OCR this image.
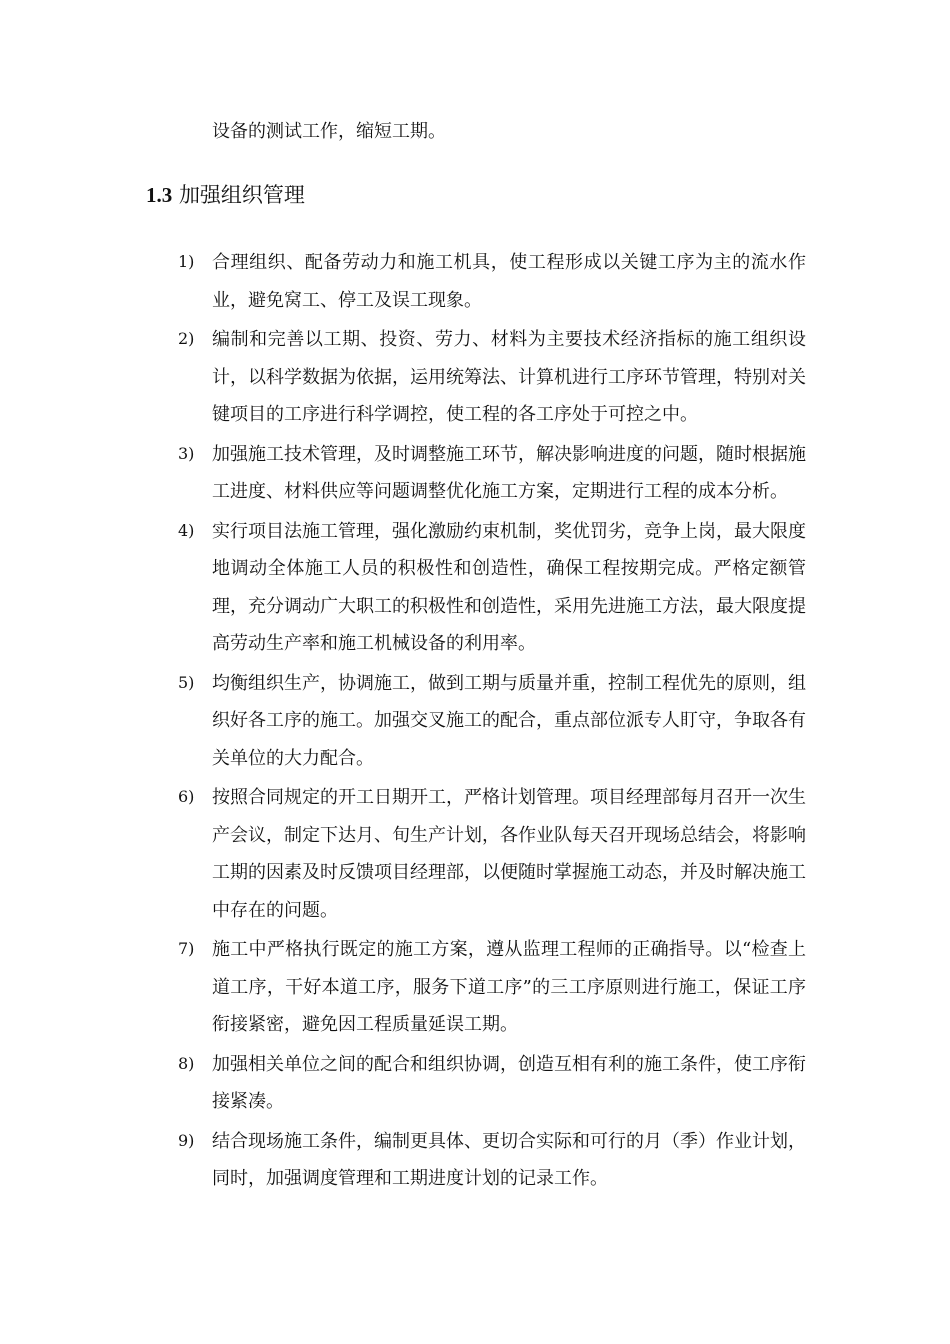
设备的测试工作，缩短工期。
1.3 加强组织管理
1) 合理组织、配备劳动力和施工机具，使工程形成以关键工序为主的流水作业，避免窝工、停工及误工现象。
2) 编制和完善以工期、投资、劳力、材料为主要技术经济指标的施工组织设计，以科学数据为依据，运用统筹法、计算机进行工序环节管理，特别对关键项目的工序进行科学调控，使工程的各工序处于可控之中。
3) 加强施工技术管理，及时调整施工环节，解决影响进度的问题，随时根据施工进度、材料供应等问题调整优化施工方案，定期进行工程的成本分析。
4) 实行项目法施工管理，强化激励约束机制，奖优罚劣，竞争上岗，最大限度地调动全体施工人员的积极性和创造性，确保工程按期完成。严格定额管理，充分调动广大职工的积极性和创造性，采用先进施工方法，最大限度提高劳动生产率和施工机械设备的利用率。
5) 均衡组织生产，协调施工，做到工期与质量并重，控制工程优先的原则，组织好各工序的施工。加强交叉施工的配合，重点部位派专人盯守，争取各有关单位的大力配合。
6) 按照合同规定的开工日期开工，严格计划管理。项目经理部每月召开一次生产会议，制定下达月、旬生产计划，各作业队每天召开现场总结会，将影响工期的因素及时反馈项目经理部，以便随时掌握施工动态，并及时解决施工中存在的问题。
7) 施工中严格执行既定的施工方案，遵从监理工程师的正确指导。以“检查上道工序，干好本道工序，服务下道工序”的三工序原则进行施工，保证工序衔接紧密，避免因工程质量延误工期。
8) 加强相关单位之间的配合和组织协调，创造互相有利的施工条件，使工序衔接紧凑。
9) 结合现场施工条件，编制更具体、更切合实际和可行的月（季）作业计划，同时，加强调度管理和工期进度计划的记录工作。
